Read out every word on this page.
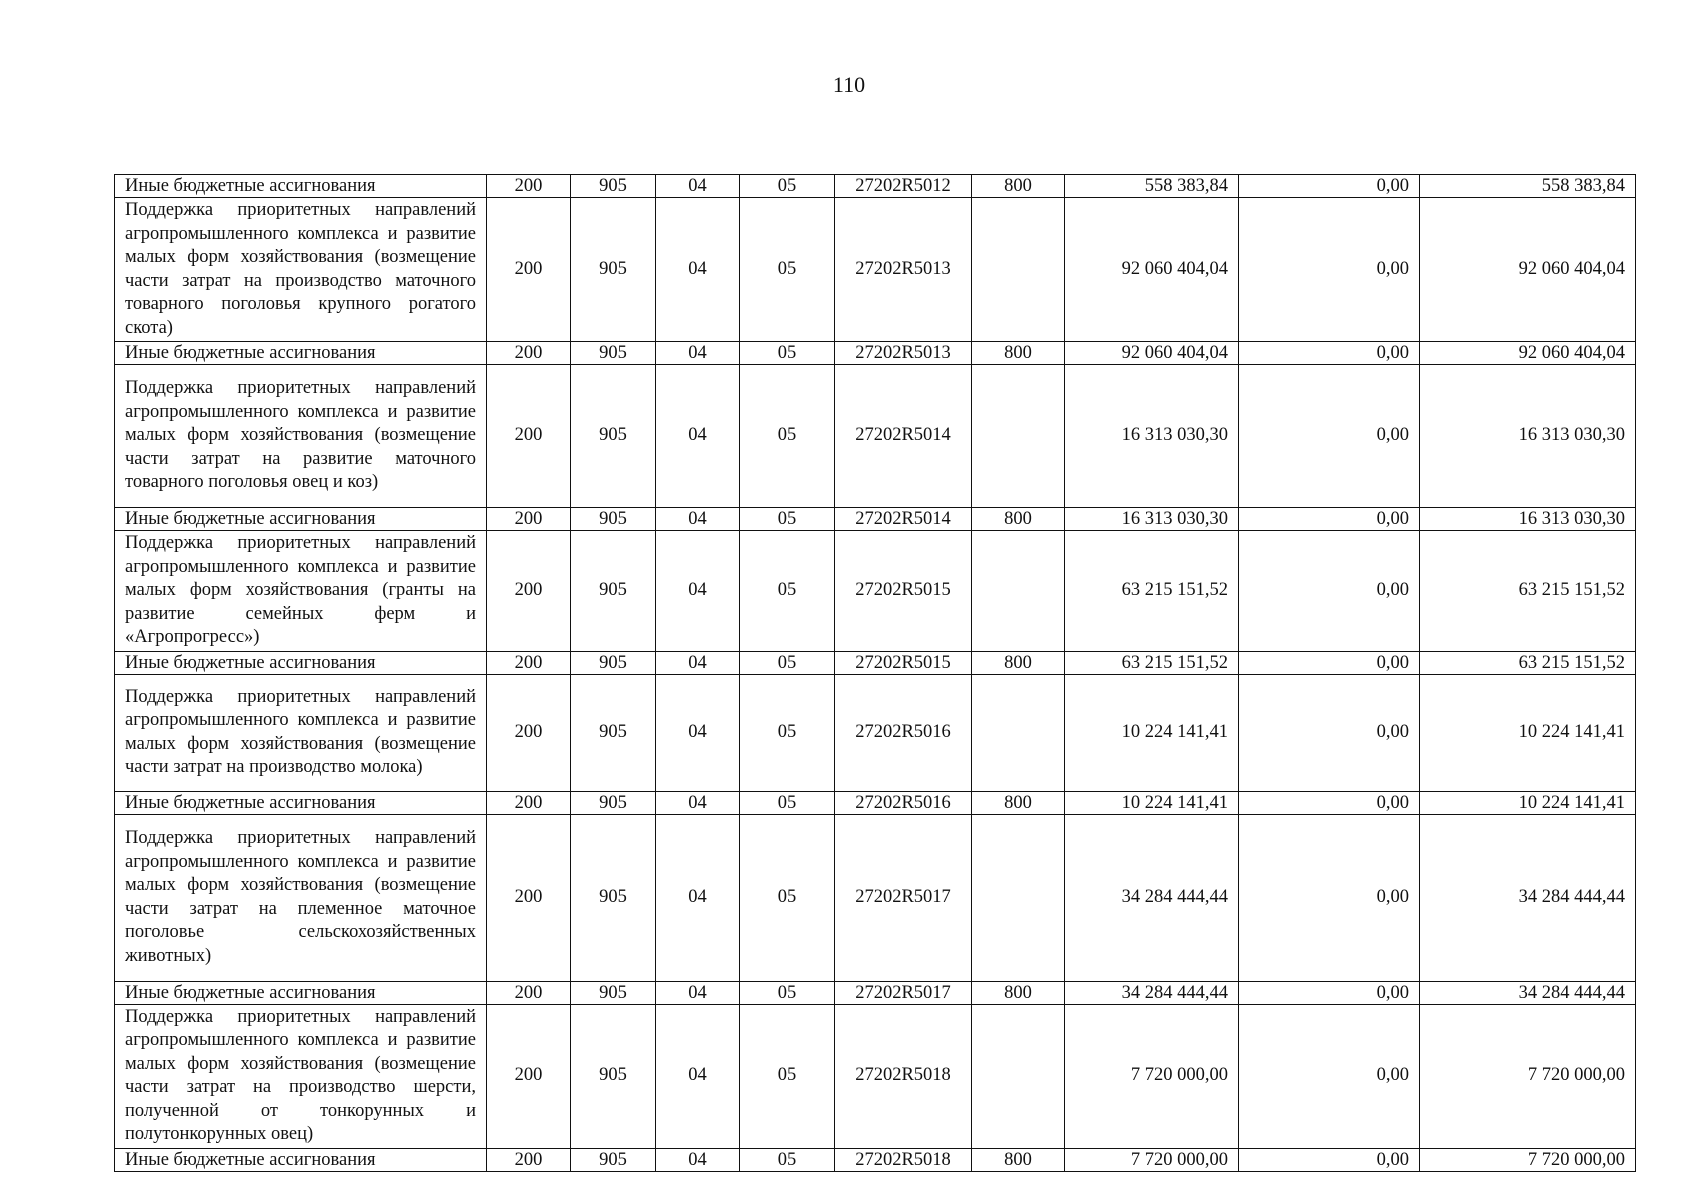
110
Иные бюджетные ассигнования	200	905	04	05	27202R5012	800	558 383,84	0,00	558 383,84
Поддержка приоритетных направлений агропромышленного комплекса и развитие малых форм хозяйствования (возмещение части затрат на производство маточного товарного поголовья крупного рогатого скота)	200	905	04	05	27202R5013		92 060 404,04	0,00	92 060 404,04
Иные бюджетные ассигнования	200	905	04	05	27202R5013	800	92 060 404,04	0,00	92 060 404,04
Поддержка приоритетных направлений агропромышленного комплекса и развитие малых форм хозяйствования (возмещение части затрат на развитие маточного товарного поголовья овец и коз)	200	905	04	05	27202R5014		16 313 030,30	0,00	16 313 030,30
Иные бюджетные ассигнования	200	905	04	05	27202R5014	800	16 313 030,30	0,00	16 313 030,30
Поддержка приоритетных направлений агропромышленного комплекса и развитие малых форм хозяйствования (гранты на развитие семейных ферм и «Агропрогресс»)	200	905	04	05	27202R5015		63 215 151,52	0,00	63 215 151,52
Иные бюджетные ассигнования	200	905	04	05	27202R5015	800	63 215 151,52	0,00	63 215 151,52
Поддержка приоритетных направлений агропромышленного комплекса и развитие малых форм хозяйствования (возмещение части затрат на производство молока)	200	905	04	05	27202R5016		10 224 141,41	0,00	10 224 141,41
Иные бюджетные ассигнования	200	905	04	05	27202R5016	800	10 224 141,41	0,00	10 224 141,41
Поддержка приоритетных направлений агропромышленного комплекса и развитие малых форм хозяйствования (возмещение части затрат на племенное маточное поголовье сельскохозяйственных животных)	200	905	04	05	27202R5017		34 284 444,44	0,00	34 284 444,44
Иные бюджетные ассигнования	200	905	04	05	27202R5017	800	34 284 444,44	0,00	34 284 444,44
Поддержка приоритетных направлений агропромышленного комплекса и развитие малых форм хозяйствования (возмещение части затрат на производство шерсти, полученной от тонкорунных и полутонкорунных овец)	200	905	04	05	27202R5018		7 720 000,00	0,00	7 720 000,00
Иные бюджетные ассигнования	200	905	04	05	27202R5018	800	7 720 000,00	0,00	7 720 000,00
